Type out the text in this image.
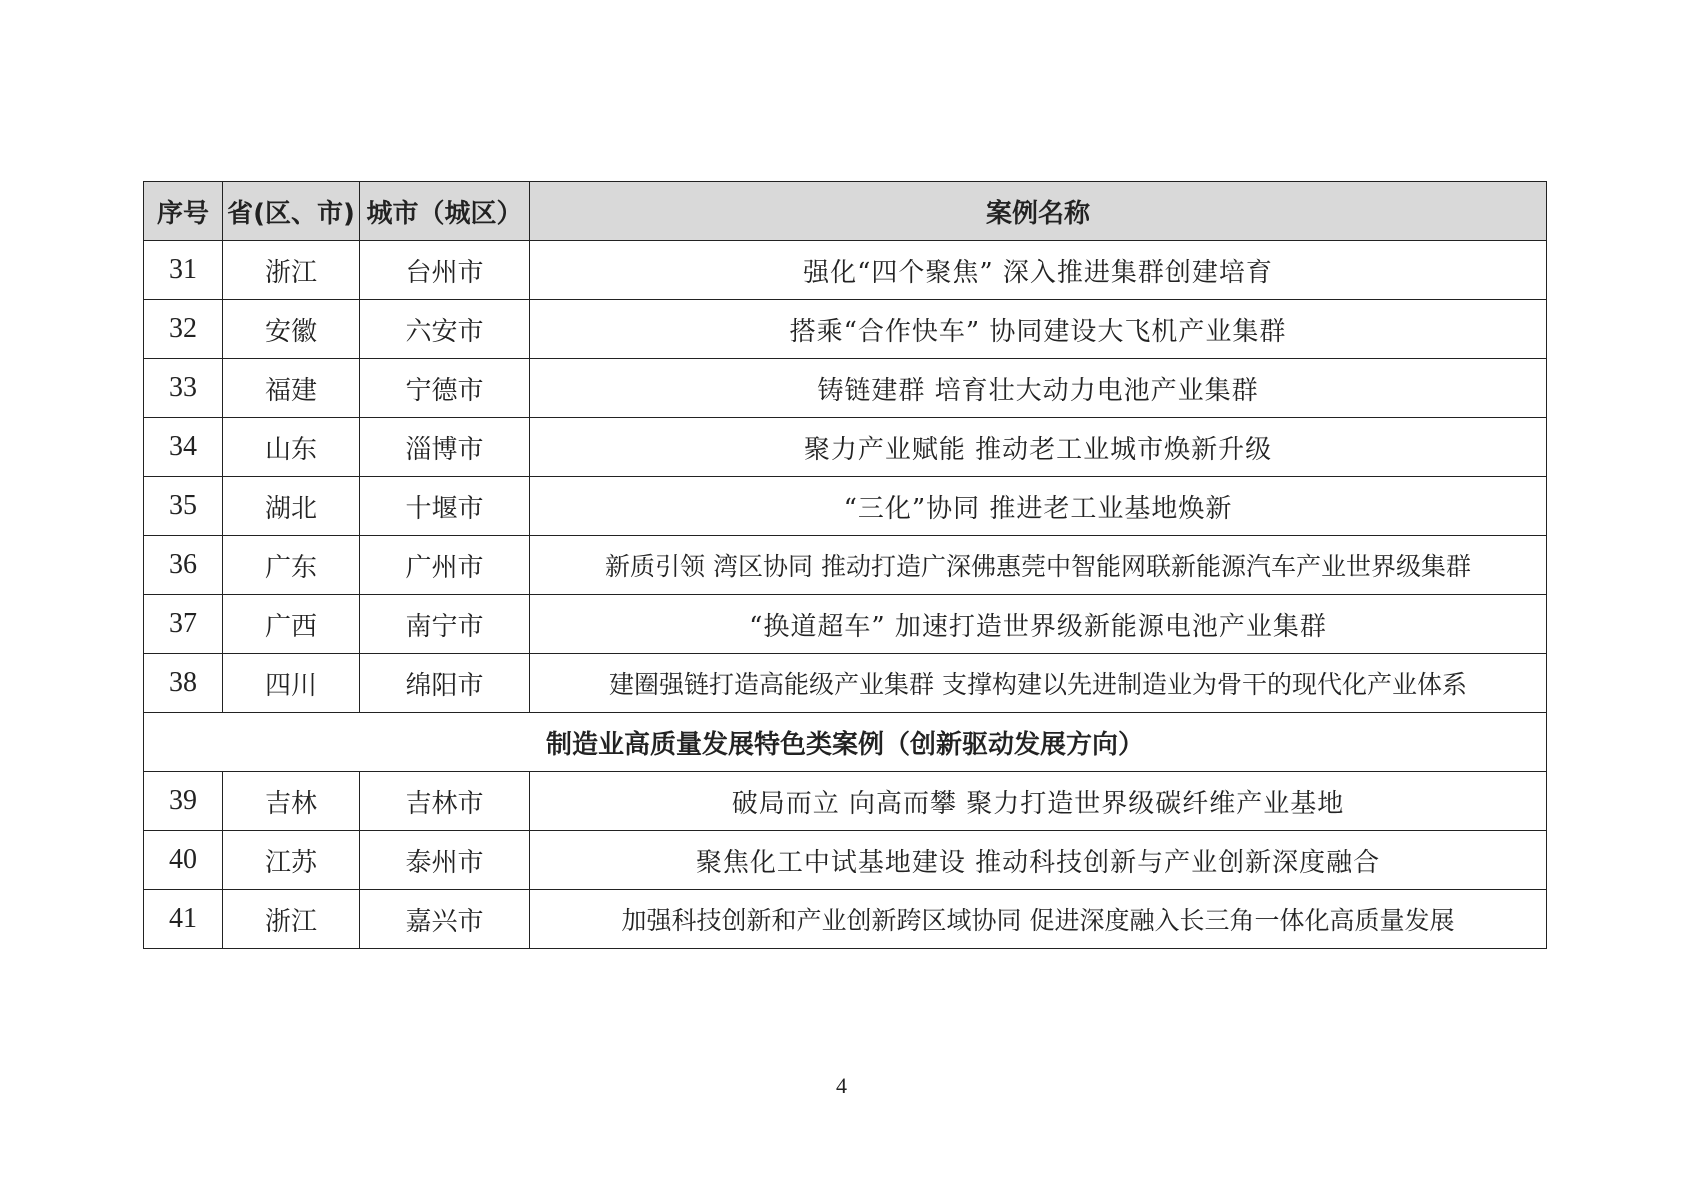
序号	省(区、市)	城市（城区）	案例名称
31	浙江	台州市	强化“四个聚焦” 深入推进集群创建培育
32	安徽	六安市	搭乘“合作快车” 协同建设大飞机产业集群
33	福建	宁德市	铸链建群 培育壮大动力电池产业集群
34	山东	淄博市	聚力产业赋能 推动老工业城市焕新升级
35	湖北	十堰市	“三化”协同 推进老工业基地焕新
36	广东	广州市	新质引领 湾区协同 推动打造广深佛惠莞中智能网联新能源汽车产业世界级集群
37	广西	南宁市	“换道超车” 加速打造世界级新能源电池产业集群
38	四川	绵阳市	建圈强链打造高能级产业集群 支撑构建以先进制造业为骨干的现代化产业体系
制造业高质量发展特色类案例（创新驱动发展方向）			
39	吉林	吉林市	破局而立 向高而攀 聚力打造世界级碳纤维产业基地
40	江苏	泰州市	聚焦化工中试基地建设 推动科技创新与产业创新深度融合
41	浙江	嘉兴市	加强科技创新和产业创新跨区域协同 促进深度融入长三角一体化高质量发展
4
